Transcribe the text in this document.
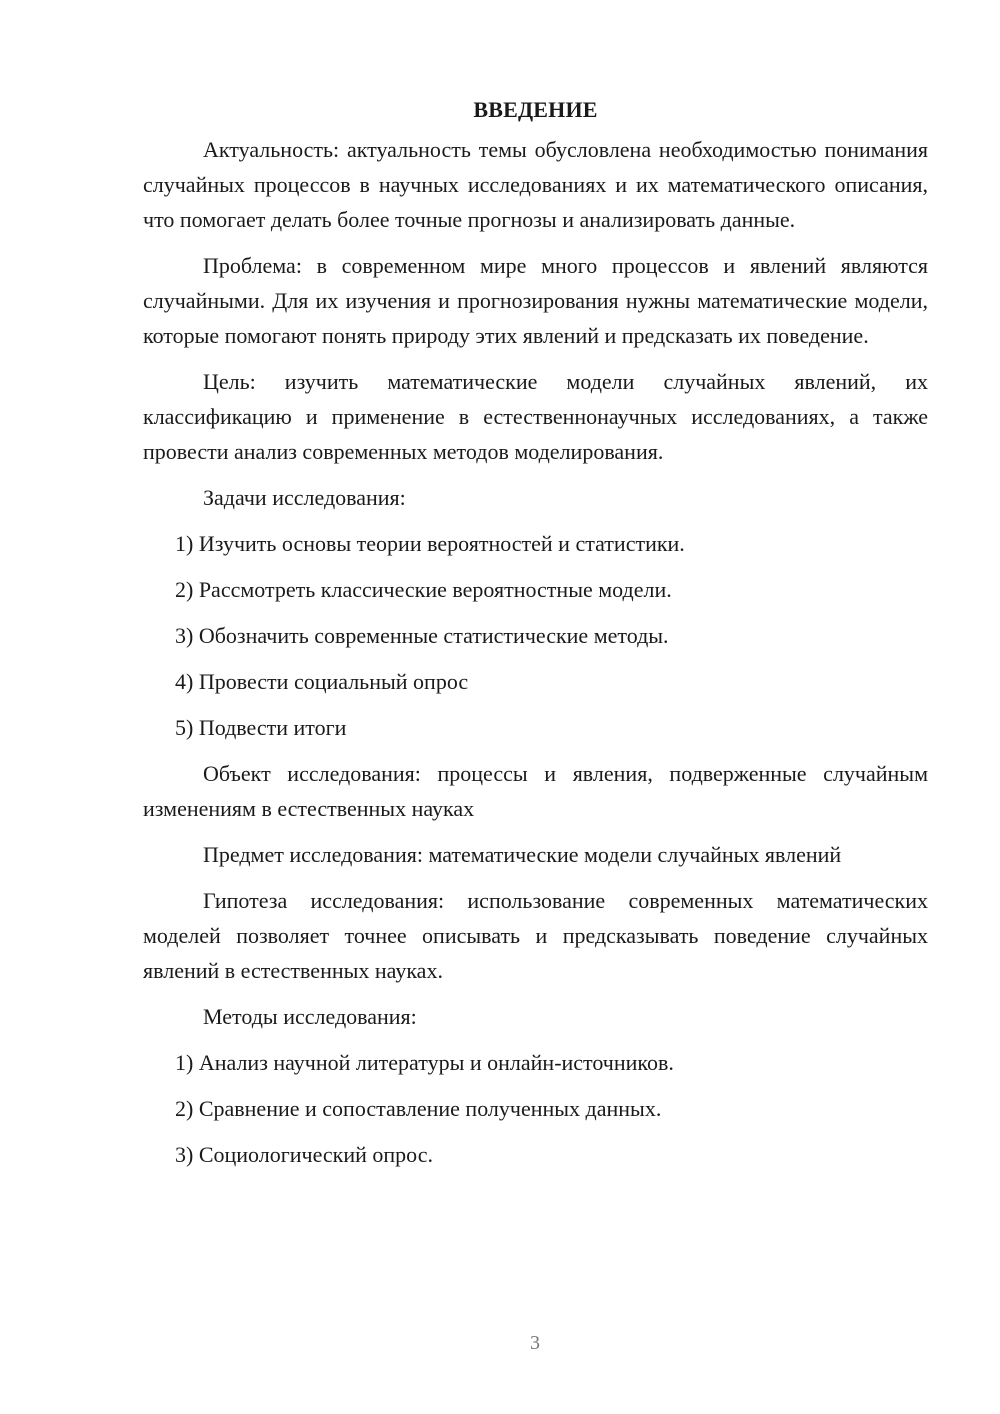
ВВЕДЕНИЕ

Актуальность: актуальность темы обусловлена необходимостью понимания случайных процессов в научных исследованиях и их математического описания, что помогает делать более точные прогнозы и анализировать данные.

Проблема: в современном мире много процессов и явлений являются случайными. Для их изучения и прогнозирования нужны математические модели, которые помогают понять природу этих явлений и предсказать их поведение.

Цель: изучить математические модели случайных явлений, их классификацию и применение в естественнонаучных исследованиях, а также провести анализ современных методов моделирования.

Задачи исследования:

1) Изучить основы теории вероятностей и статистики.
2) Рассмотреть классические вероятностные модели.
3) Обозначить современные статистические методы.
4) Провести социальный опрос
5) Подвести итоги

Объект исследования: процессы и явления, подверженные случайным изменениям в естественных науках

Предмет исследования: математические модели случайных явлений

Гипотеза исследования: использование современных математических моделей позволяет точнее описывать и предсказывать поведение случайных явлений в естественных науках.

Методы исследования:

1) Анализ научной литературы и онлайн-источников.
2) Сравнение и сопоставление полученных данных.
3) Социологический опрос.
3
